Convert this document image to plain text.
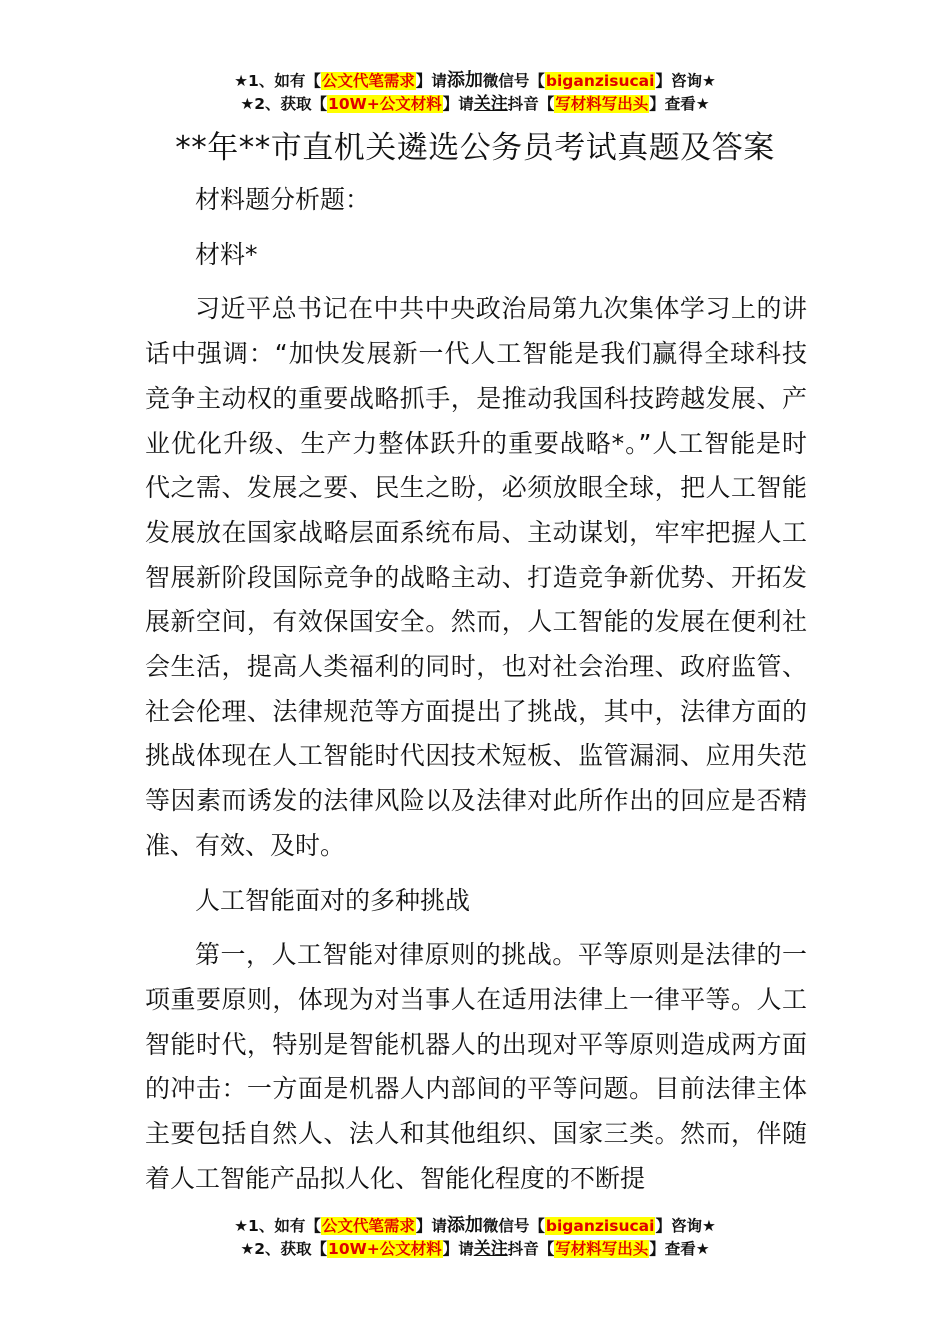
★1、如有【公文代笔需求】请添加微信号【biganzisucai】咨询★
★2、获取【10W+公文材料】请关注抖音【写材料写出头】查看★
**年**市直机关遴选公务员考试真题及答案

材料题分析题：

材料*

习近平总书记在中共中央政治局第九次集体学习上的讲话中强调：“加快发展新一代人工智能是我们赢得全球科技竞争主动权的重要战略抓手，是推动我国科技跨越发展、产业优化升级、生产力整体跃升的重要战略*。”人工智能是时代之需、发展之要、民生之盼，必须放眼全球，把人工智能发展放在国家战略层面系统布局、主动谋划，牢牢把握人工智展新阶段国际竞争的战略主动、打造竞争新优势、开拓发展新空间，有效保国安全。然而，人工智能的发展在便利社会生活，提高人类福利的同时，也对社会治理、政府监管、社会伦理、法律规范等方面提出了挑战，其中，法律方面的挑战体现在人工智能时代因技术短板、监管漏洞、应用失范等因素而诱发的法律风险以及法律对此所作出的回应是否精准、有效、及时。

人工智能面对的多种挑战

第一，人工智能对律原则的挑战。平等原则是法律的一项重要原则，体现为对当事人在适用法律上一律平等。人工智能时代，特别是智能机器人的出现对平等原则造成两方面的冲击：一方面是机器人内部间的平等问题。目前法律主体主要包括自然人、法人和其他组织、国家三类。然而，伴随着人工智能产品拟人化、智能化程度的不断提

★1、如有【公文代笔需求】请添加微信号【biganzisucai】咨询★
★2、获取【10W+公文材料】请关注抖音【写材料写出头】查看★
